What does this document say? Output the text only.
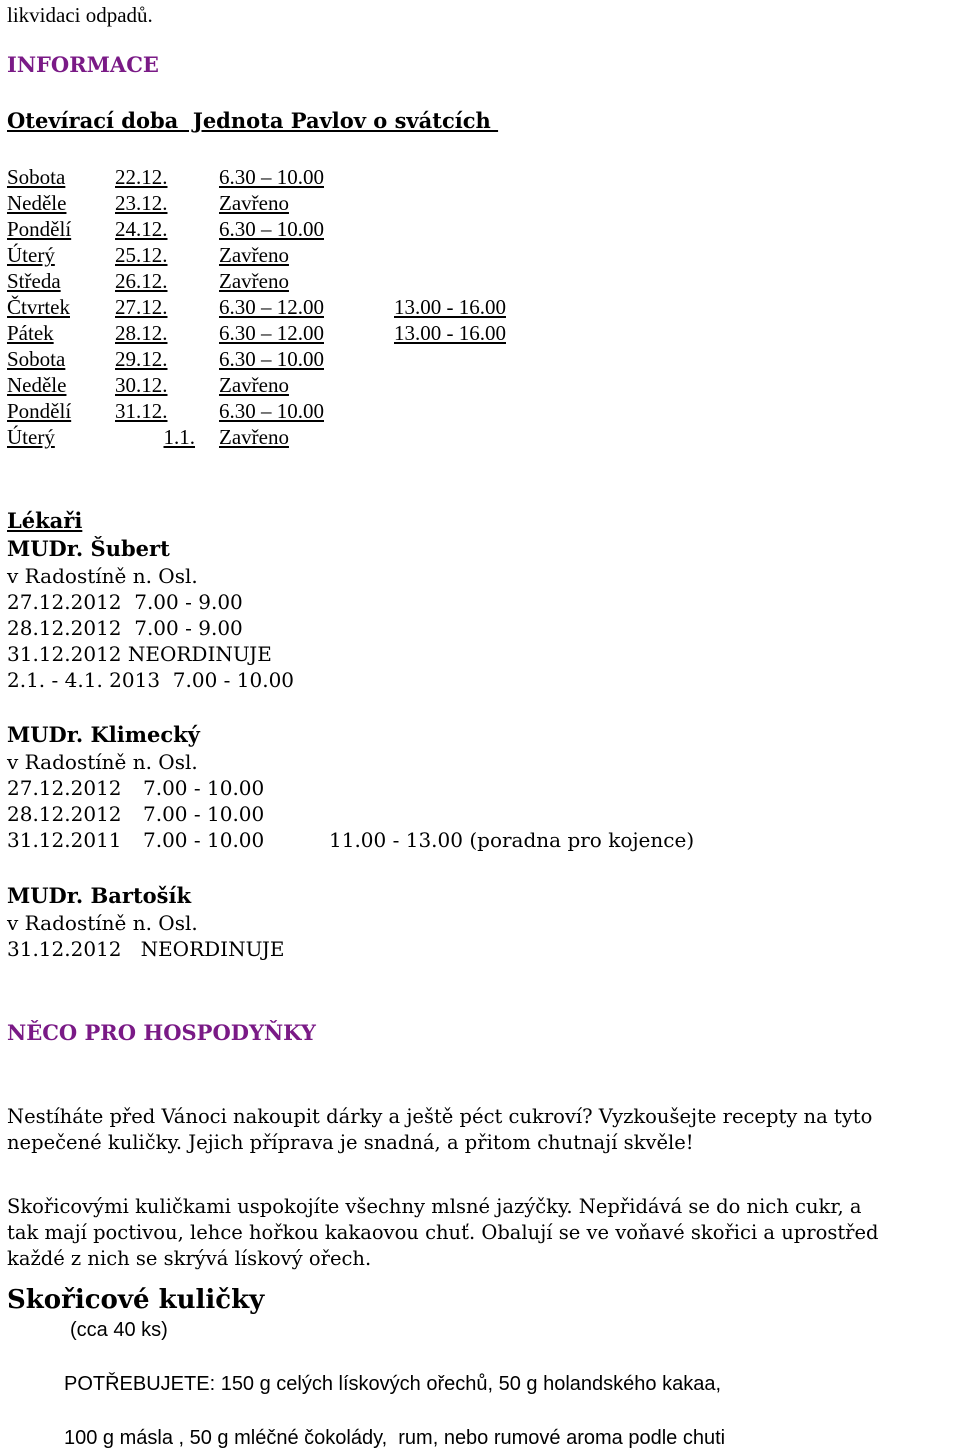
likvidaci odpadů.
INFORMACE
Otevírací doba  Jednota Pavlov o svátcích
Sobota 22.12. 6.30 – 10.00
Neděle 23.12. Zavřeno
Pondělí 24.12. 6.30 – 10.00
Úterý	25.12. Zavřeno
Středa	26.12. Zavřeno
Čtvrtek 27.12. 6.30 – 12.00	13.00 - 16.00
Pátek	28.12. 6.30 – 12.00	13.00 - 16.00
Sobota 29.12. 6.30 – 10.00
Neděle 30.12. Zavřeno
Pondělí 31.12. 6.30 – 10.00
Úterý	1.1. Zavřeno
Lékaři
MUDr. Šubert
v Radostíně n. Osl.
27.12.2012  7.00 - 9.00
28.12.2012  7.00 - 9.00
31.12.2012 NEORDINUJE
2.1. - 4.1. 2013  7.00 - 10.00
MUDr. Klimecký
v Radostíně n. Osl.
27.12.2012 7.00 - 10.00
28.12.2012 7.00 - 10.00
31.12.2011 7.00 - 10.00	11.00 - 13.00 (poradna pro kojence)
MUDr. Bartošík
v Radostíně n. Osl.
31.12.2012   NEORDINUJE
NĚCO PRO HOSPODYŇKY
Nestíháte před Vánoci nakoupit dárky a ještě péct cukroví? Vyzkoušejte recepty na tyto
nepečené kuličky. Jejich příprava je snadná, a přitom chutnají skvěle!
Skořicovými kuličkami uspokojíte všechny mlsné jazýčky. Nepřidává se do nich cukr, a
tak mají poctivou, lehce hořkou kakaovou chuť. Obalují se ve voňavé skořici a uprostřed
každé z nich se skrývá lískový ořech.
Skořicové kuličky
(cca 40 ks)
POTŘEBUJETE: 150 g celých lískových ořechů, 50 g holandského kakaa,
100 g másla , 50 g mléčné čokolády,  rum, nebo rumové aroma podle chuti
